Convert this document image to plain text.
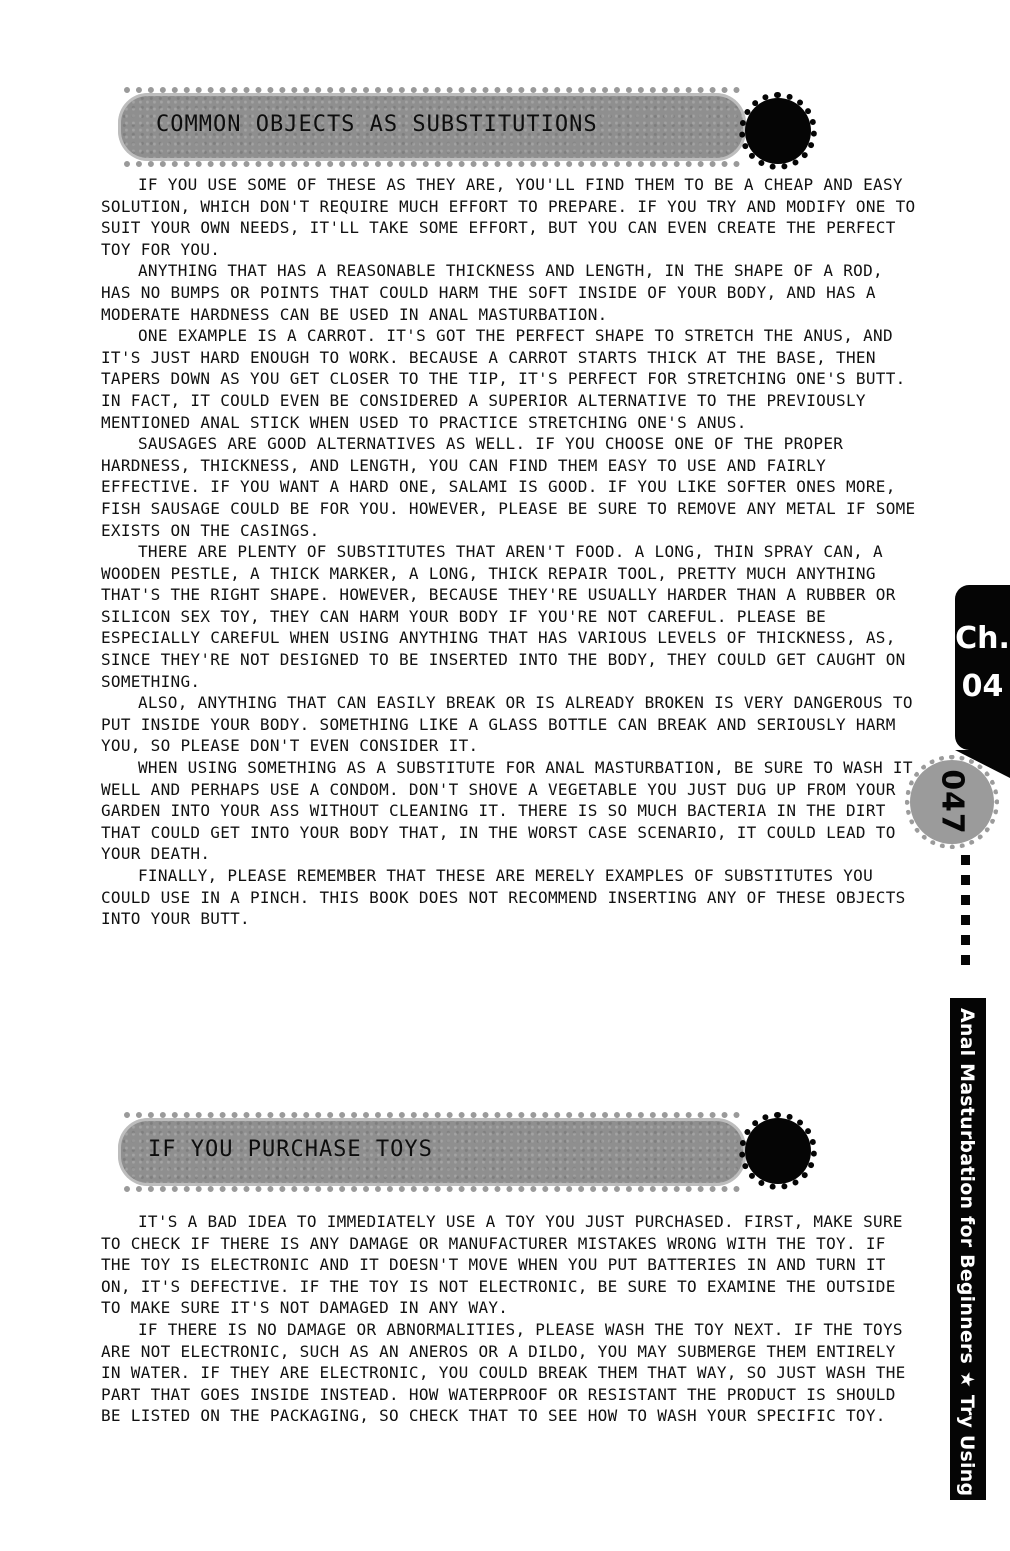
COMMON OBJECTS AS SUBSTITUTIONS

IF YOU USE SOME OF THESE AS THEY ARE, YOU'LL FIND THEM TO BE A CHEAP AND EASY SOLUTION, WHICH DON'T REQUIRE MUCH EFFORT TO PREPARE. IF YOU TRY AND MODIFY ONE TO SUIT YOUR OWN NEEDS, IT'LL TAKE SOME EFFORT, BUT YOU CAN EVEN CREATE THE PERFECT TOY FOR YOU.

ANYTHING THAT HAS A REASONABLE THICKNESS AND LENGTH, IN THE SHAPE OF A ROD, HAS NO BUMPS OR POINTS THAT COULD HARM THE SOFT INSIDE OF YOUR BODY, AND HAS A MODERATE HARDNESS CAN BE USED IN ANAL MASTURBATION.

ONE EXAMPLE IS A CARROT. IT'S GOT THE PERFECT SHAPE TO STRETCH THE ANUS, AND IT'S JUST HARD ENOUGH TO WORK. BECAUSE A CARROT STARTS THICK AT THE BASE, THEN TAPERS DOWN AS YOU GET CLOSER TO THE TIP, IT'S PERFECT FOR STRETCHING ONE'S BUTT. IN FACT, IT COULD EVEN BE CONSIDERED A SUPERIOR ALTERNATIVE TO THE PREVIOUSLY MENTIONED ANAL STICK WHEN USED TO PRACTICE STRETCHING ONE'S ANUS.

SAUSAGES ARE GOOD ALTERNATIVES AS WELL. IF YOU CHOOSE ONE OF THE PROPER HARDNESS, THICKNESS, AND LENGTH, YOU CAN FIND THEM EASY TO USE AND FAIRLY EFFECTIVE. IF YOU WANT A HARD ONE, SALAMI IS GOOD. IF YOU LIKE SOFTER ONES MORE, FISH SAUSAGE COULD BE FOR YOU. HOWEVER, PLEASE BE SURE TO REMOVE ANY METAL IF SOME EXISTS ON THE CASINGS.

THERE ARE PLENTY OF SUBSTITUTES THAT AREN'T FOOD. A LONG, THIN SPRAY CAN, A WOODEN PESTLE, A THICK MARKER, A LONG, THICK REPAIR TOOL, PRETTY MUCH ANYTHING THAT'S THE RIGHT SHAPE. HOWEVER, BECAUSE THEY'RE USUALLY HARDER THAN A RUBBER OR SILICON SEX TOY, THEY CAN HARM YOUR BODY IF YOU'RE NOT CAREFUL. PLEASE BE ESPECIALLY CAREFUL WHEN USING ANYTHING THAT HAS VARIOUS LEVELS OF THICKNESS, AS, SINCE THEY'RE NOT DESIGNED TO BE INSERTED INTO THE BODY, THEY COULD GET CAUGHT ON SOMETHING.

ALSO, ANYTHING THAT CAN EASILY BREAK OR IS ALREADY BROKEN IS VERY DANGEROUS TO PUT INSIDE YOUR BODY. SOMETHING LIKE A GLASS BOTTLE CAN BREAK AND SERIOUSLY HARM YOU, SO PLEASE DON'T EVEN CONSIDER IT.

WHEN USING SOMETHING AS A SUBSTITUTE FOR ANAL MASTURBATION, BE SURE TO WASH IT WELL AND PERHAPS USE A CONDOM. DON'T SHOVE A VEGETABLE YOU JUST DUG UP FROM YOUR GARDEN INTO YOUR ASS WITHOUT CLEANING IT. THERE IS SO MUCH BACTERIA IN THE DIRT THAT COULD GET INTO YOUR BODY THAT, IN THE WORST CASE SCENARIO, IT COULD LEAD TO YOUR DEATH.

FINALLY, PLEASE REMEMBER THAT THESE ARE MERELY EXAMPLES OF SUBSTITUTES YOU COULD USE IN A PINCH. THIS BOOK DOES NOT RECOMMEND INSERTING ANY OF THESE OBJECTS INTO YOUR BUTT.

IF YOU PURCHASE TOYS

IT'S A BAD IDEA TO IMMEDIATELY USE A TOY YOU JUST PURCHASED. FIRST, MAKE SURE TO CHECK IF THERE IS ANY DAMAGE OR MANUFACTURER MISTAKES WRONG WITH THE TOY. IF THE TOY IS ELECTRONIC AND IT DOESN'T MOVE WHEN YOU PUT BATTERIES IN AND TURN IT ON, IT'S DEFECTIVE. IF THE TOY IS NOT ELECTRONIC, BE SURE TO EXAMINE THE OUTSIDE TO MAKE SURE IT'S NOT DAMAGED IN ANY WAY.

IF THERE IS NO DAMAGE OR ABNORMALITIES, PLEASE WASH THE TOY NEXT. IF THE TOYS ARE NOT ELECTRONIC, SUCH AS AN ANEROS OR A DILDO, YOU MAY SUBMERGE THEM ENTIRELY IN WATER. IF THEY ARE ELECTRONIC, YOU COULD BREAK THEM THAT WAY, SO JUST WASH THE PART THAT GOES INSIDE INSTEAD. HOW WATERPROOF OR RESISTANT THE PRODUCT IS SHOULD BE LISTED ON THE PACKAGING, SO CHECK THAT TO SEE HOW TO WASH YOUR SPECIFIC TOY.

Ch.
04
047
Anal Masturbation for Beginners ★ Try Using Toys
